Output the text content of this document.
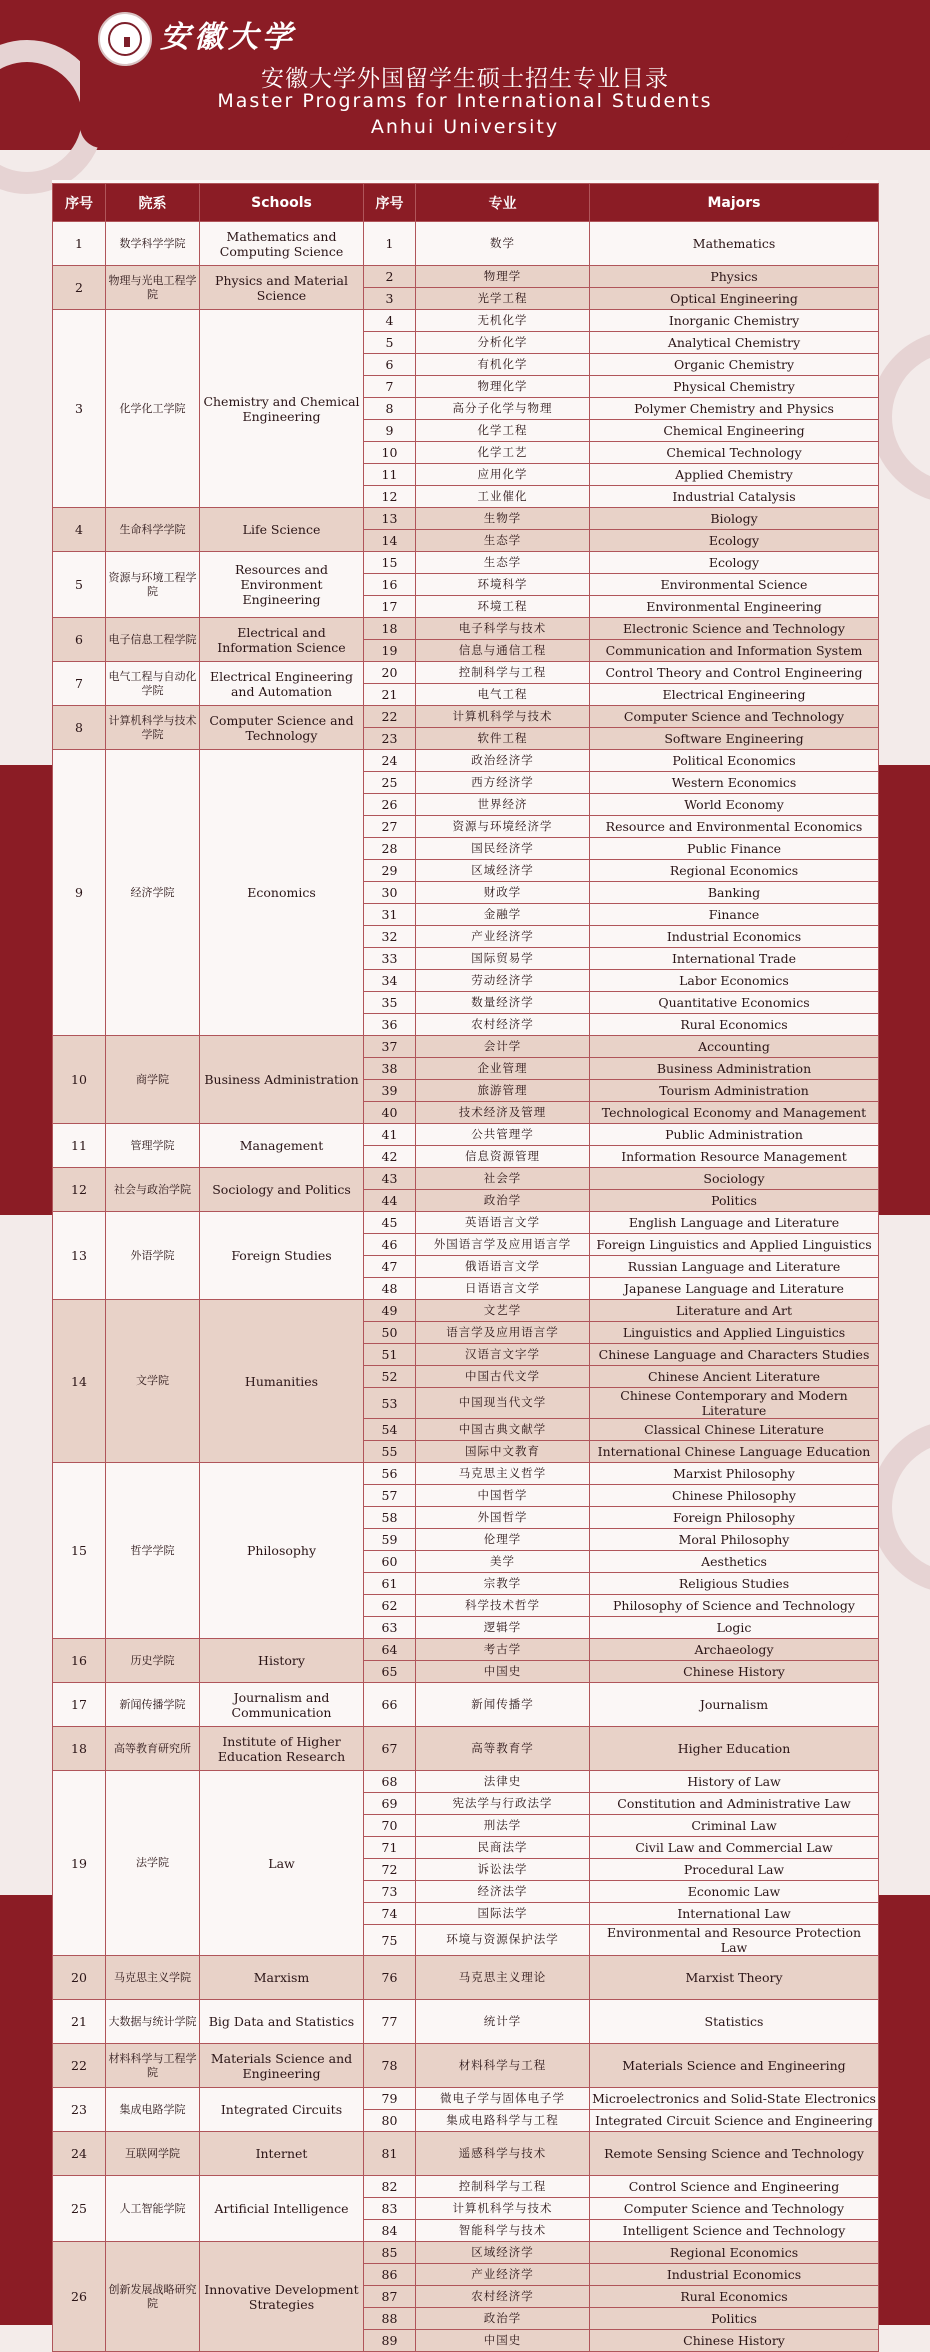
安徽大学
安徽大学外国留学生硕士招生专业目录
Master Programs for International Students
Anhui University
序号	院系	Schools	序号	专业	Majors
1	数学科学学院	Mathematics and Computing Science	1	数学	Mathematics
2	物理与光电工程学院	Physics and Material Science	2	物理学	Physics
			3	光学工程	Optical Engineering
3	化学化工学院	Chemistry and Chemical Engineering	4	无机化学	Inorganic Chemistry
			5	分析化学	Analytical Chemistry
			6	有机化学	Organic Chemistry
			7	物理化学	Physical Chemistry
			8	高分子化学与物理	Polymer Chemistry and Physics
			9	化学工程	Chemical Engineering
			10	化学工艺	Chemical Technology
			11	应用化学	Applied Chemistry
			12	工业催化	Industrial Catalysis
4	生命科学学院	Life Science	13	生物学	Biology
			14	生态学	Ecology
5	资源与环境工程学院	Resources and Environment Engineering	15	生态学	Ecology
			16	环境科学	Environmental Science
			17	环境工程	Environmental Engineering
6	电子信息工程学院	Electrical and Information Science	18	电子科学与技术	Electronic Science and Technology
			19	信息与通信工程	Communication and Information System
7	电气工程与自动化学院	Electrical Engineering and Automation	20	控制科学与工程	Control Theory and Control Engineering
			21	电气工程	Electrical Engineering
8	计算机科学与技术学院	Computer Science and Technology	22	计算机科学与技术	Computer Science and Technology
			23	软件工程	Software Engineering
9	经济学院	Economics	24	政治经济学	Political Economics
			25	西方经济学	Western Economics
			26	世界经济	World Economy
			27	资源与环境经济学	Resource and Environmental Economics
			28	国民经济学	Public Finance
			29	区域经济学	Regional Economics
			30	财政学	Banking
			31	金融学	Finance
			32	产业经济学	Industrial Economics
			33	国际贸易学	International Trade
			34	劳动经济学	Labor Economics
			35	数量经济学	Quantitative Economics
			36	农村经济学	Rural Economics
10	商学院	Business Administration	37	会计学	Accounting
			38	企业管理	Business Administration
			39	旅游管理	Tourism Administration
			40	技术经济及管理	Technological Economy and Management
11	管理学院	Management	41	公共管理学	Public Administration
			42	信息资源管理	Information Resource Management
12	社会与政治学院	Sociology and Politics	43	社会学	Sociology
			44	政治学	Politics
13	外语学院	Foreign Studies	45	英语语言文学	English Language and Literature
			46	外国语言学及应用语言学	Foreign Linguistics and Applied Linguistics
			47	俄语语言文学	Russian Language and Literature
			48	日语语言文学	Japanese Language and Literature
14	文学院	Humanities	49	文艺学	Literature and Art
			50	语言学及应用语言学	Linguistics and Applied Linguistics
			51	汉语言文字学	Chinese Language and Characters Studies
			52	中国古代文学	Chinese Ancient Literature
			53	中国现当代文学	Chinese Contemporary and Modern Literature
			54	中国古典文献学	Classical Chinese Literature
			55	国际中文教育	International Chinese Language Education
15	哲学学院	Philosophy	56	马克思主义哲学	Marxist Philosophy
			57	中国哲学	Chinese Philosophy
			58	外国哲学	Foreign Philosophy
			59	伦理学	Moral Philosophy
			60	美学	Aesthetics
			61	宗教学	Religious Studies
			62	科学技术哲学	Philosophy of Science and Technology
			63	逻辑学	Logic
16	历史学院	History	64	考古学	Archaeology
			65	中国史	Chinese History
17	新闻传播学院	Journalism and Communication	66	新闻传播学	Journalism
18	高等教育研究所	Institute of Higher Education Research	67	高等教育学	Higher Education
19	法学院	Law	68	法律史	History of Law
			69	宪法学与行政法学	Constitution and Administrative Law
			70	刑法学	Criminal Law
			71	民商法学	Civil Law and Commercial Law
			72	诉讼法学	Procedural Law
			73	经济法学	Economic Law
			74	国际法学	International Law
			75	环境与资源保护法学	Environmental and Resource Protection Law
20	马克思主义学院	Marxism	76	马克思主义理论	Marxist Theory
21	大数据与统计学院	Big Data and Statistics	77	统计学	Statistics
22	材料科学与工程学院	Materials Science and Engineering	78	材料科学与工程	Materials Science and Engineering
23	集成电路学院	Integrated Circuits	79	微电子学与固体电子学	Microelectronics and Solid-State Electronics
			80	集成电路科学与工程	Integrated Circuit Science and Engineering
24	互联网学院	Internet	81	遥感科学与技术	Remote Sensing Science and Technology
25	人工智能学院	Artificial Intelligence	82	控制科学与工程	Control Science and Engineering
			83	计算机科学与技术	Computer Science and Technology
			84	智能科学与技术	Intelligent Science and Technology
26	创新发展战略研究院	Innovative Development Strategies	85	区域经济学	Regional Economics
			86	产业经济学	Industrial Economics
			87	农村经济学	Rural Economics
			88	政治学	Politics
			89	中国史	Chinese History
